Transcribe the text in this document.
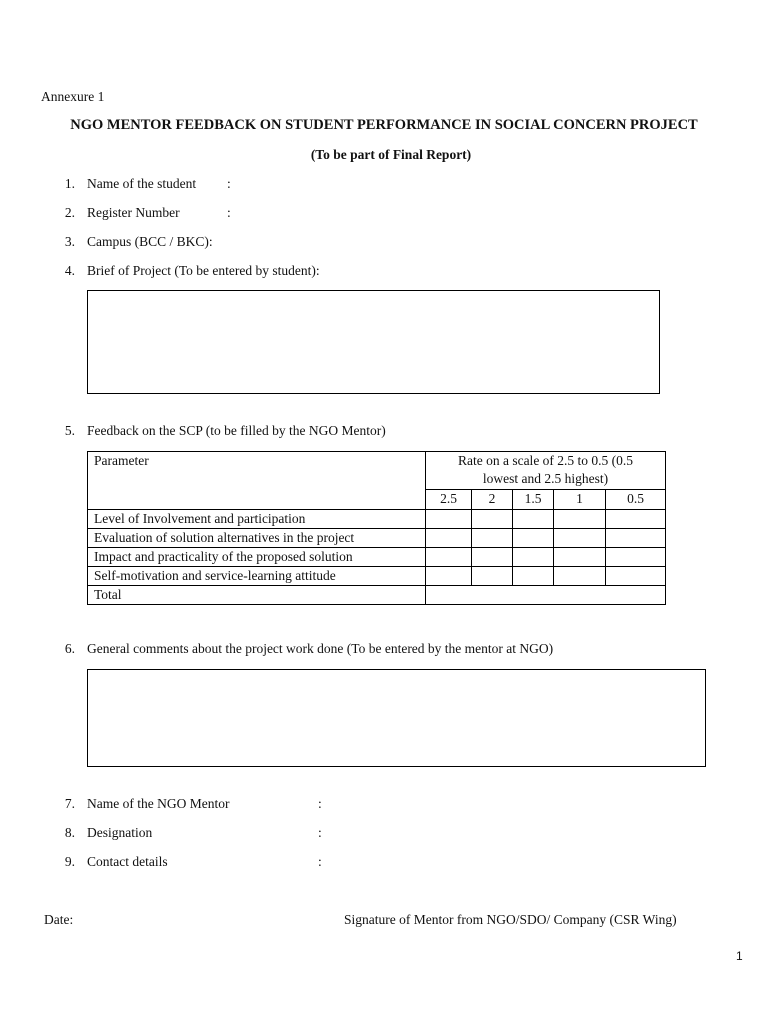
Annexure 1
NGO MENTOR FEEDBACK ON STUDENT PERFORMANCE IN SOCIAL CONCERN PROJECT
(To be part of Final Report)
1. Name of the student :
2. Register Number	:
3. Campus (BCC / BKC):
4. Brief of Project (To be entered by student):
5. Feedback on the SCP (to be filled by the NGO Mentor)
Parameter	Rate on a scale of 2.5 to 0.5 (0.5 lowest and 2.5 highest)				
	2.5	2	1.5	1	0.5
Level of Involvement and participation					
Evaluation of solution alternatives in the project					
Impact and practicality of the proposed solution					
Self-motivation and service-learning attitude					
Total					
6. General comments about the project work done (To be entered by the mentor at NGO)
7. Name of the NGO Mentor	:
8. Designation	:
9. Contact details	:
Date:	Signature of Mentor from NGO/SDO/ Company (CSR Wing)
1
